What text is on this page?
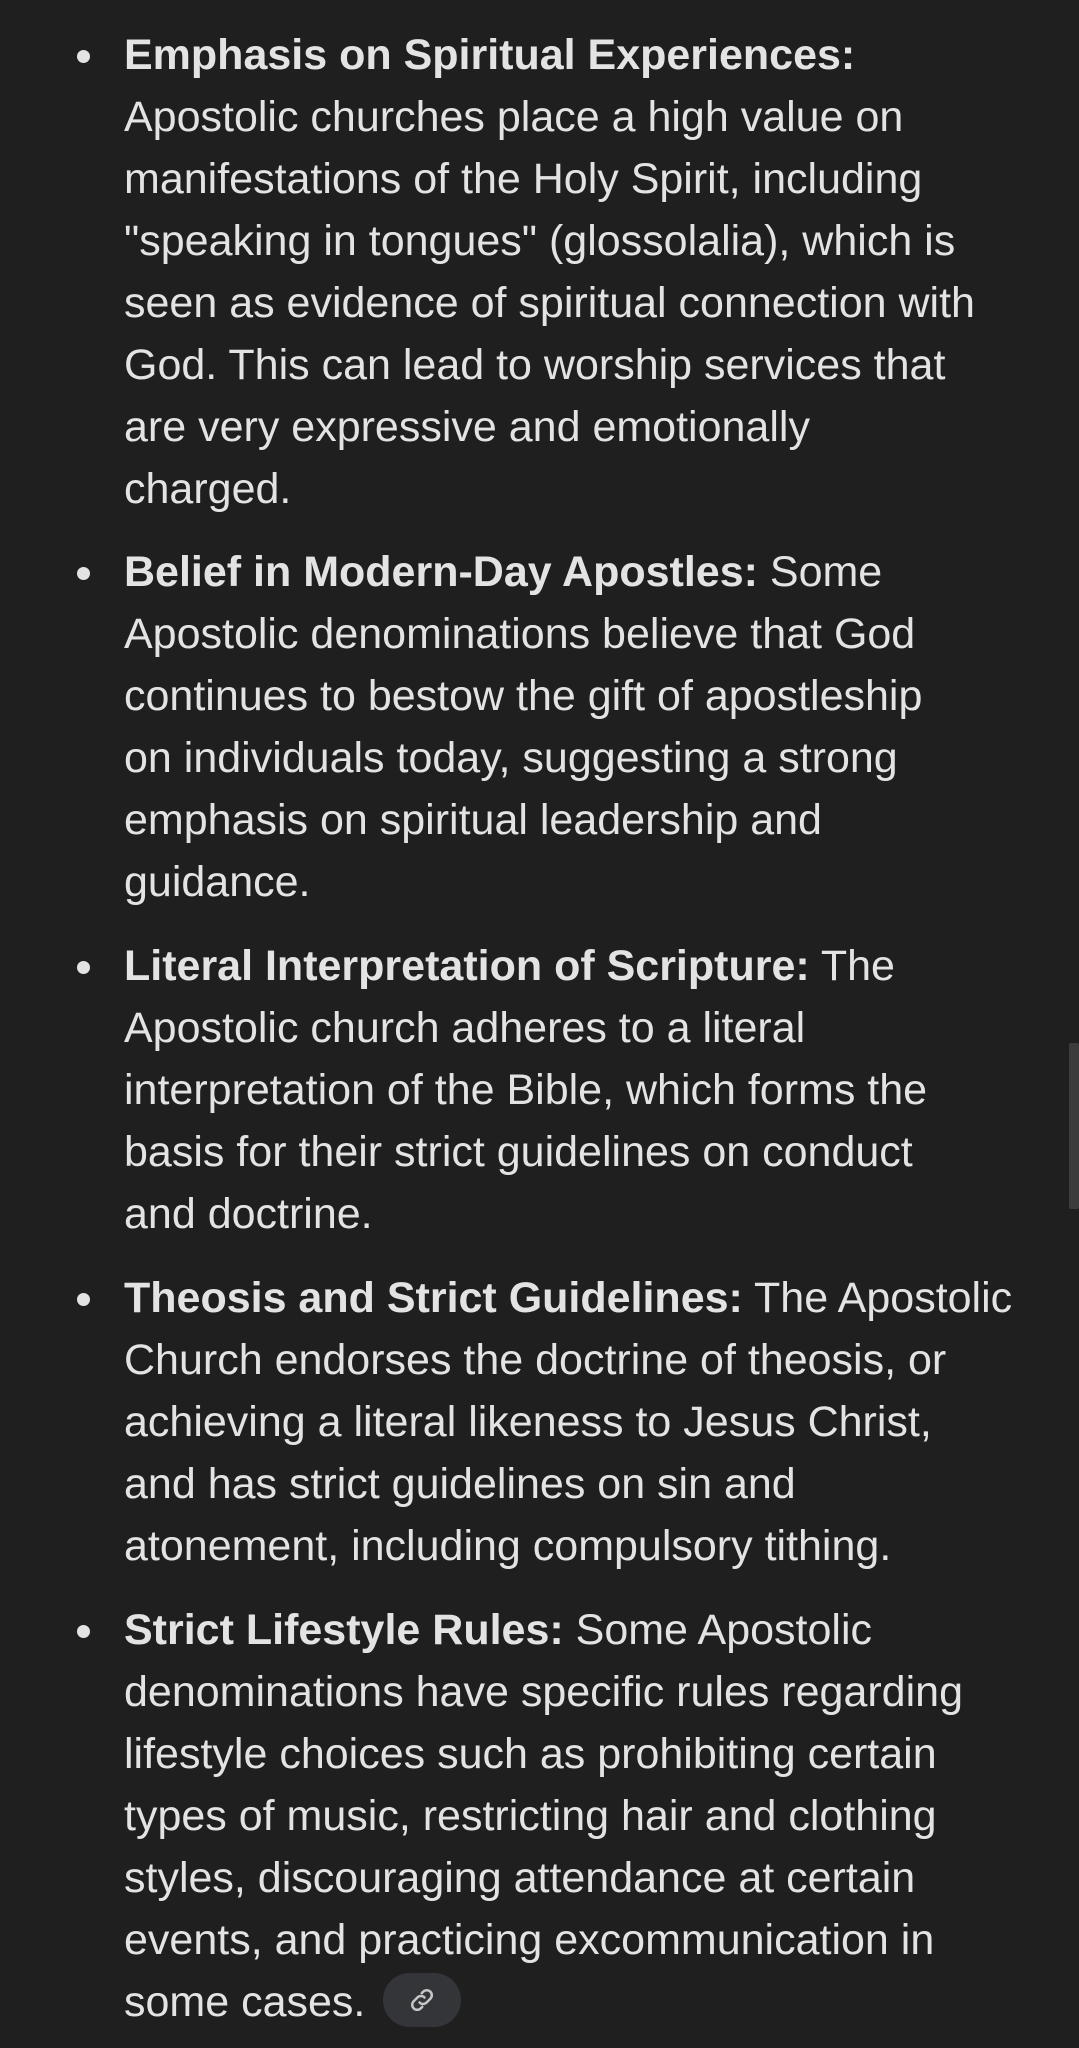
Emphasis on Spiritual Experiences:
Apostolic churches place a high value on
manifestations of the Holy Spirit, including
"speaking in tongues" (glossolalia), which is
seen as evidence of spiritual connection with
God. This can lead to worship services that
are very expressive and emotionally
charged.
Belief in Modern-Day Apostles: Some
Apostolic denominations believe that God
continues to bestow the gift of apostleship
on individuals today, suggesting a strong
emphasis on spiritual leadership and
guidance.
Literal Interpretation of Scripture: The
Apostolic church adheres to a literal
interpretation of the Bible, which forms the
basis for their strict guidelines on conduct
and doctrine.
Theosis and Strict Guidelines: The Apostolic
Church endorses the doctrine of theosis, or
achieving a literal likeness to Jesus Christ,
and has strict guidelines on sin and
atonement, including compulsory tithing.
Strict Lifestyle Rules: Some Apostolic
denominations have specific rules regarding
lifestyle choices such as prohibiting certain
types of music, restricting hair and clothing
styles, discouraging attendance at certain
events, and practicing excommunication in
some cases.
